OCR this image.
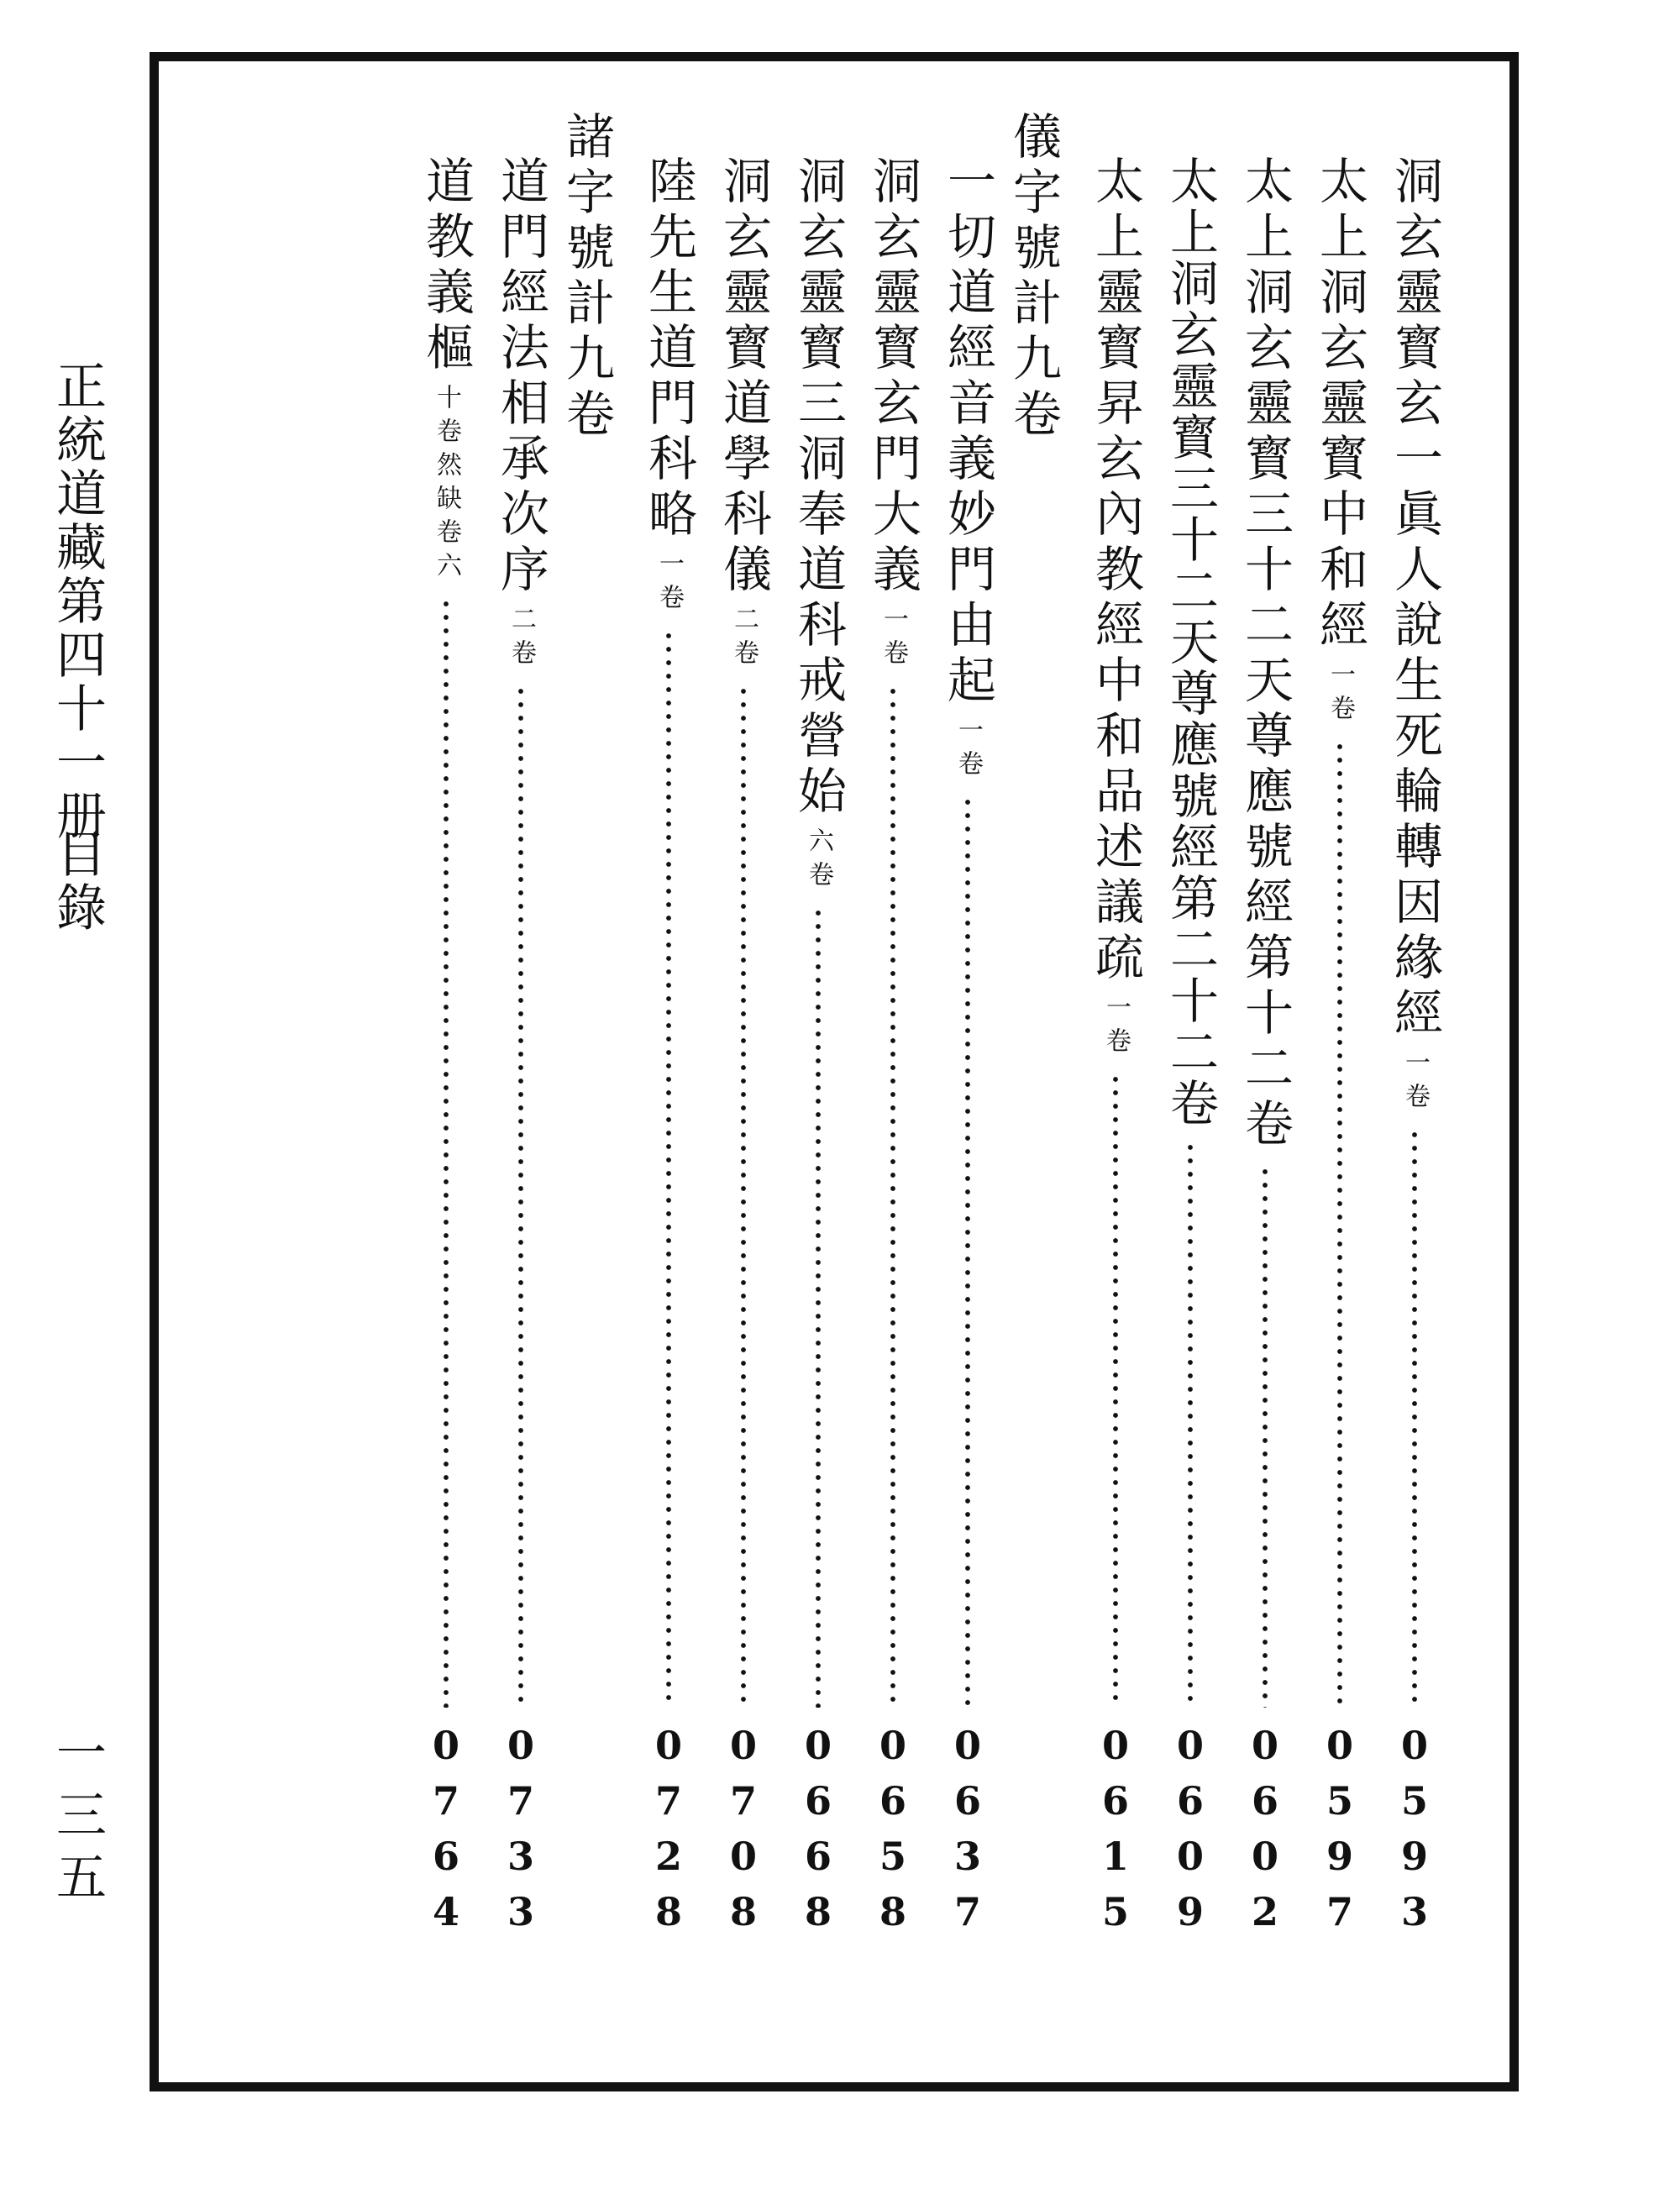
正統道藏第四十一册
目錄
一三五
洞玄靈寳玄一眞人說生死輪轉因緣經
一卷
0593
太上洞玄靈寳中和經
一卷
0597
太上洞玄靈寳三十二天尊應號經第十二卷
0602
太上洞玄靈寳三十二天尊應號經第二十二卷
0609
太上靈寳昇玄內教經中和品述議疏
一卷
0615
儀字號計九卷
一切道經音義妙門由起
一卷
0637
洞玄靈寳玄門大義
一卷
0658
洞玄靈寳三洞奉道科戒營始
六卷
0668
洞玄靈寳道學科儀
二卷
0708
陸先生道門科略
一卷
0728
諸字號計九卷
道門經法相承次序
二卷
0733
道教義樞
十卷然缺卷六
0764
